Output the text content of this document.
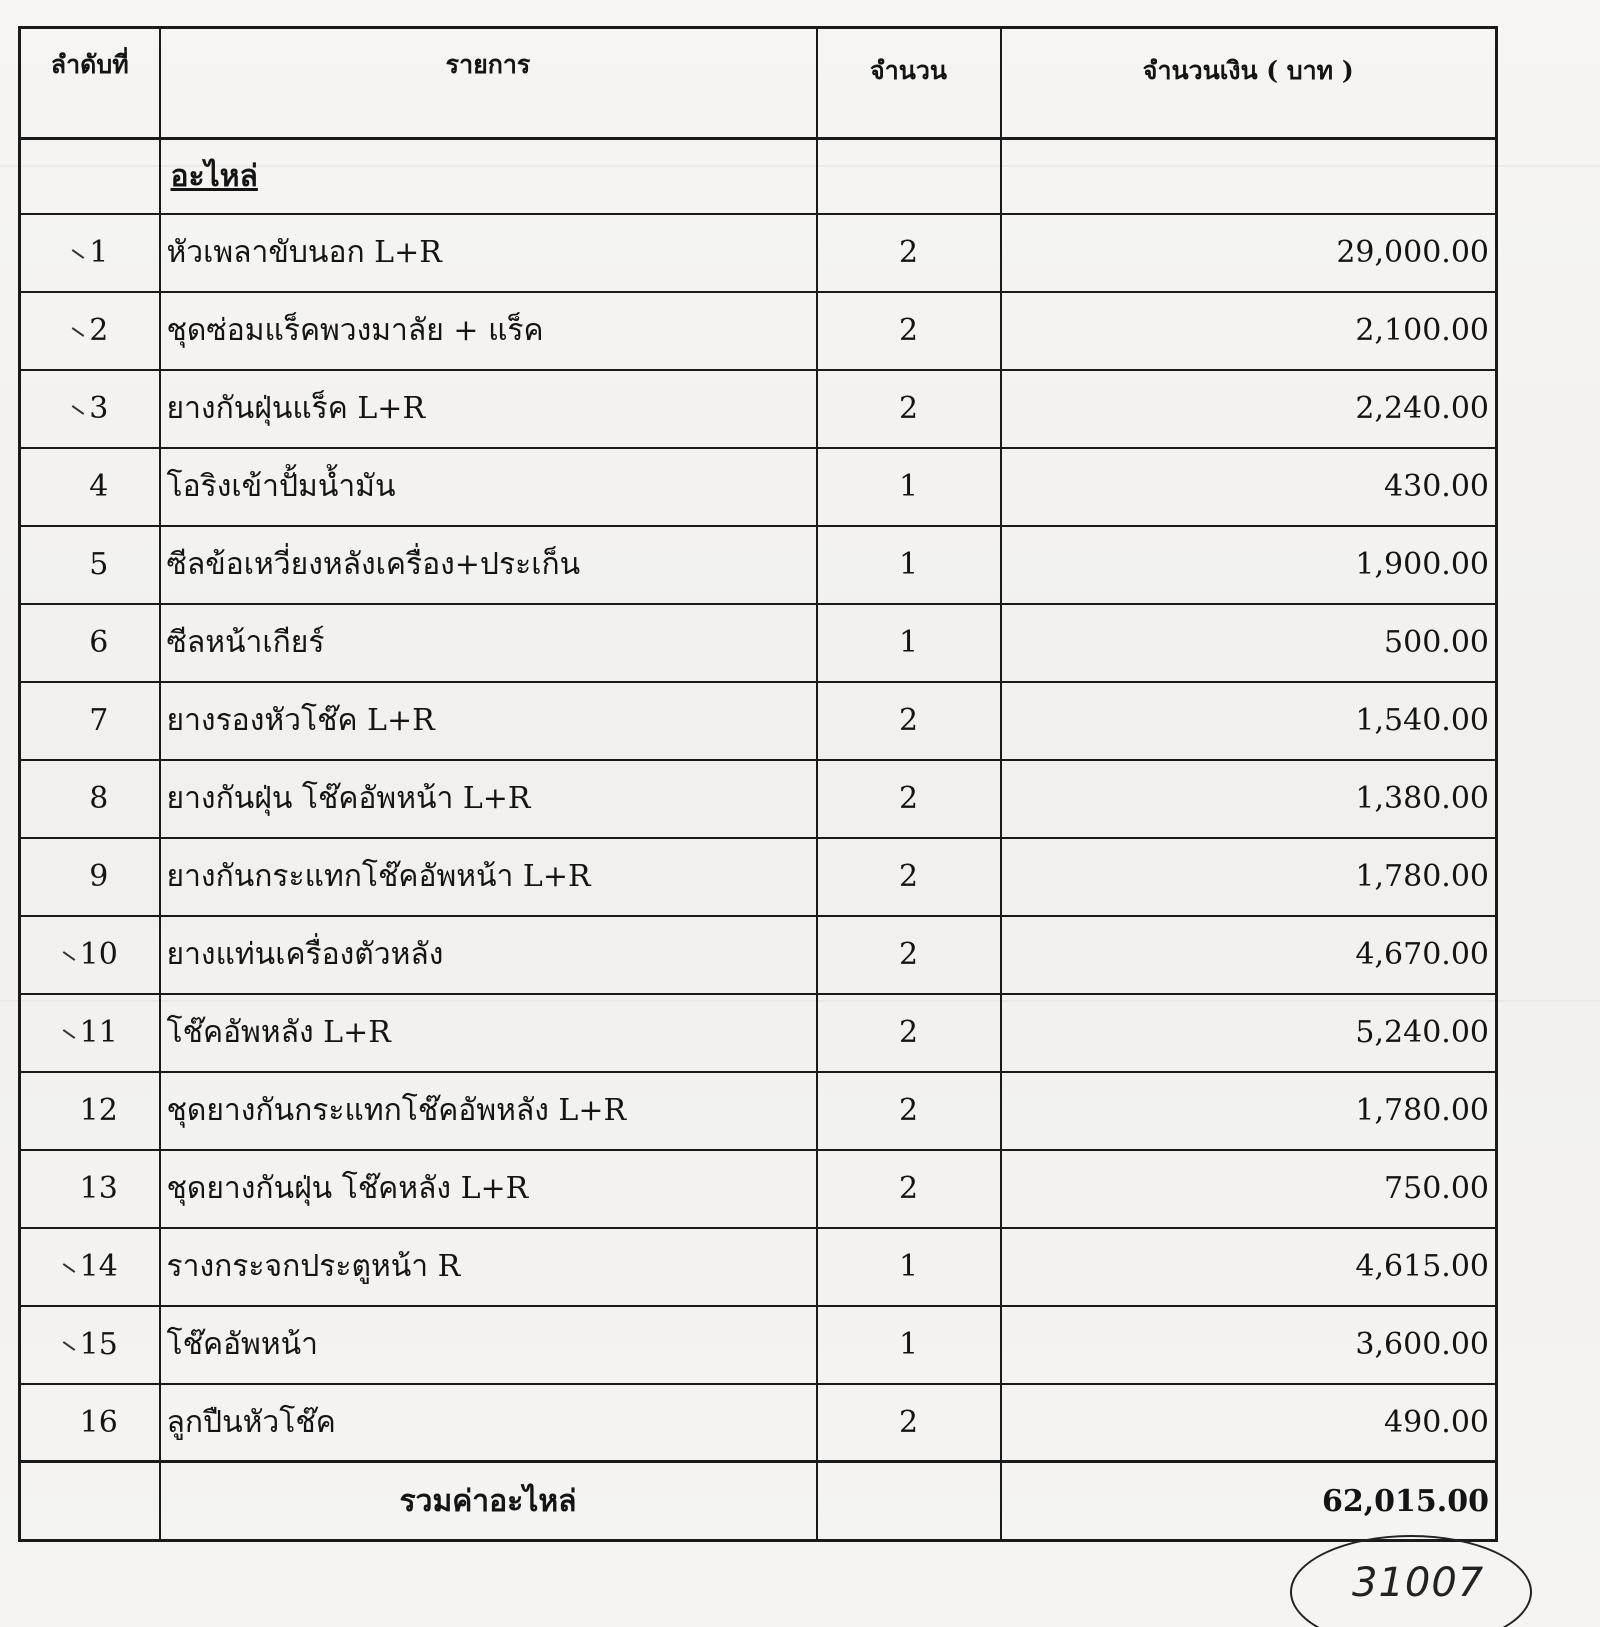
ลำดับที่	รายการ	จำนวน	จำนวนเงิน ( บาท )
	อะไหล่		
1	หัวเพลาขับนอก L+R	2	29,000.00
2	ชุดซ่อมแร็คพวงมาลัย + แร็ค	2	2,100.00
3	ยางกันฝุ่นแร็ค L+R	2	2,240.00
4	โอริงเข้าปั้มน้ำมัน	1	430.00
5	ซีลข้อเหวี่ยงหลังเครื่อง+ประเก็น	1	1,900.00
6	ซีลหน้าเกียร์	1	500.00
7	ยางรองหัวโช๊ค L+R	2	1,540.00
8	ยางกันฝุ่น โช๊คอัพหน้า L+R	2	1,380.00
9	ยางกันกระแทกโช๊คอัพหน้า L+R	2	1,780.00
10	ยางแท่นเครื่องตัวหลัง	2	4,670.00
11	โช๊คอัพหลัง L+R	2	5,240.00
12	ชุดยางกันกระแทกโช๊คอัพหลัง L+R	2	1,780.00
13	ชุดยางกันฝุ่น โช๊คหลัง L+R	2	750.00
14	รางกระจกประตูหน้า R	1	4,615.00
15	โช๊คอัพหน้า	1	3,600.00
16	ลูกปืนหัวโช๊ค	2	490.00
	รวมค่าอะไหล่		62,015.00
31007
